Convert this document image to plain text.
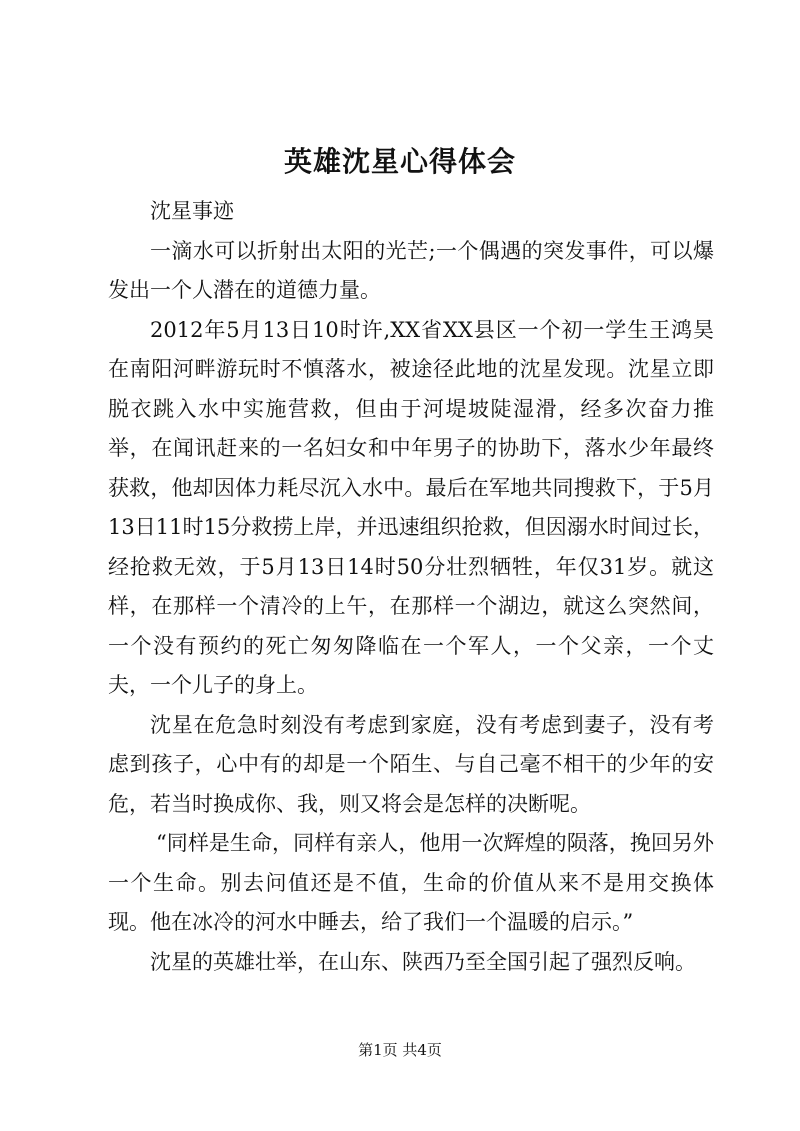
英雄沈星心得体会

沈星事迹

一滴水可以折射出太阳的光芒;一个偶遇的突发事件，可以爆发出一个人潜在的道德力量。

2012年5月13日10时许,XX省XX县区一个初一学生王鸿昊在南阳河畔游玩时不慎落水，被途径此地的沈星发现。沈星立即脱衣跳入水中实施营救，但由于河堤坡陡湿滑，经多次奋力推举，在闻讯赶来的一名妇女和中年男子的协助下，落水少年最终获救，他却因体力耗尽沉入水中。最后在军地共同搜救下，于5月13日11时15分救捞上岸，并迅速组织抢救，但因溺水时间过长，经抢救无效，于5月13日14时50分壮烈牺牲，年仅31岁。就这样，在那样一个清冷的上午，在那样一个湖边，就这么突然间，一个没有预约的死亡匆匆降临在一个军人，一个父亲，一个丈夫，一个儿子的身上。

沈星在危急时刻没有考虑到家庭，没有考虑到妻子，没有考虑到孩子，心中有的却是一个陌生、与自己毫不相干的少年的安危，若当时换成你、我，则又将会是怎样的决断呢。

“同样是生命，同样有亲人，他用一次辉煌的陨落，挽回另外一个生命。别去问值还是不值，生命的价值从来不是用交换体现。他在冰冷的河水中睡去，给了我们一个温暖的启示。”

沈星的英雄壮举，在山东、陕西乃至全国引起了强烈反响。

第1页 共4页
